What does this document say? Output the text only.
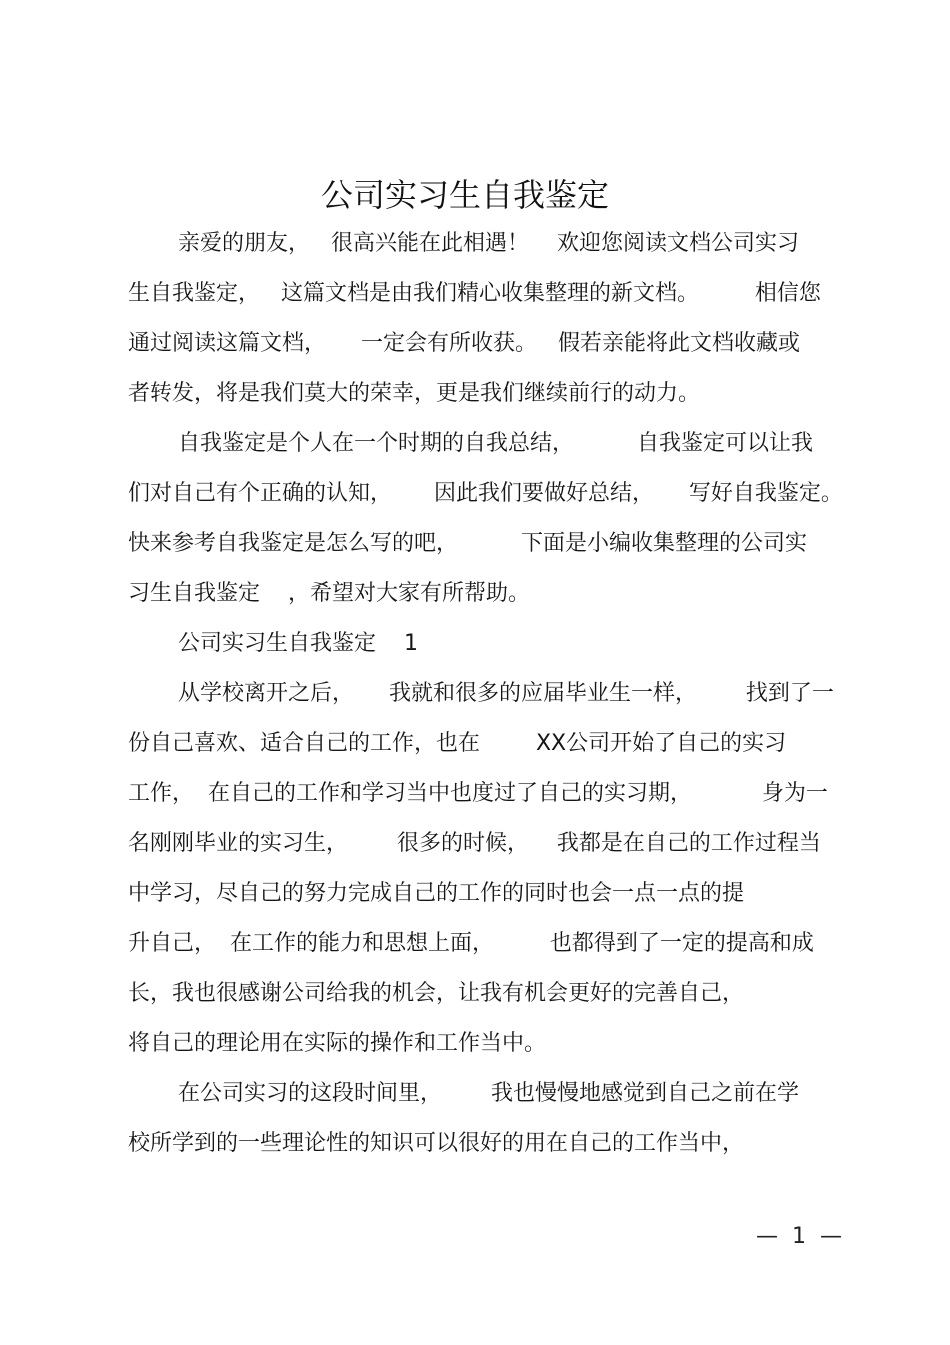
公司实习生自我鉴定
亲爱的朋友，   很高兴能在此相遇！    欢迎您阅读文档公司实习
生自我鉴定，   这篇文档是由我们精心收集整理的新文档。        相信您
通过阅读这篇文档，     一定会有所收获。   假若亲能将此文档收藏或
者转发，将是我们莫大的荣幸，更是我们继续前行的动力。
自我鉴定是个人在一个时期的自我总结，         自我鉴定可以让我
们对自己有个正确的认知，      因此我们要做好总结，     写好自我鉴定。
快来参考自我鉴定是怎么写的吧，         下面是小编收集整理的公司实
习生自我鉴定    ，希望对大家有所帮助。
公司实习生自我鉴定    1
从学校离开之后，     我就和很多的应届毕业生一样，       找到了一
份自己喜欢、适合自己的工作，也在        XX公司开始了自己的实习
工作，  在自己的工作和学习当中也度过了自己的实习期，          身为一
名刚刚毕业的实习生，       很多的时候，    我都是在自己的工作过程当
中学习，尽自己的努力完成自己的工作的同时也会一点一点的提
升自己，  在工作的能力和思想上面，        也都得到了一定的提高和成
长，我也很感谢公司给我的机会，让我有机会更好的完善自己，
将自己的理论用在实际的操作和工作当中。
在公司实习的这段时间里，       我也慢慢地感觉到自己之前在学
校所学到的一些理论性的知识可以很好的用在自己的工作当中，
—  1  —
